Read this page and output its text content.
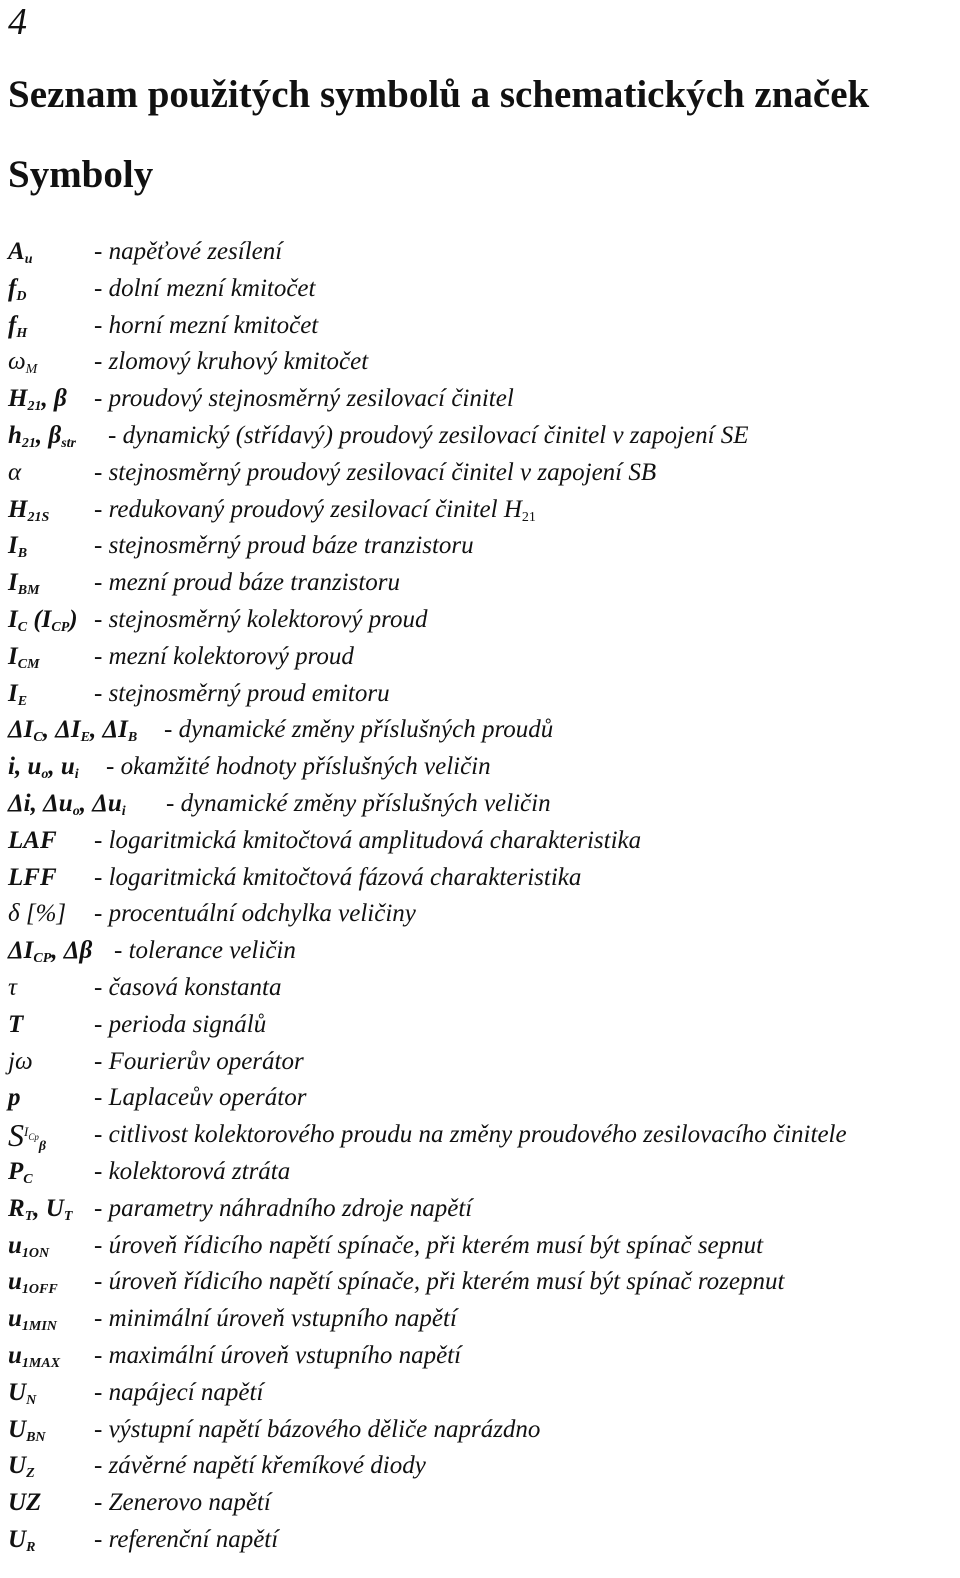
4
Seznam použitých symbolů a schematických značek
Symboly
$A_u$ - napěťové zesílení
$f_D$	- dolní mezní kmitočet
$f_H$	- horní mezní kmitočet
$\omega_M$ - zlomový kruhový kmitočet
$H_{21}$, β - proudový stejnosměrný zesilovací činitel
$h_{21}$, $\beta_{str}$ - dynamický (střídavý) proudový zesilovací činitel v zapojení SE
α	- stejnosměrný proudový zesilovací činitel v zapojení SB
$H_{21S}$ - redukovaný proudový zesilovací činitel $H_{21}$
$I_B$	- stejnosměrný proud báze tranzistoru
$I_{BM}$ - mezní proud báze tranzistoru
$I_C$ $(I_{CP})$ - stejnosměrný kolektorový proud
$I_{CM}$ - mezní kolektorový proud
$I_E$	- stejnosměrný proud emitoru
$\Delta I_C$, $\Delta I_E$, $\Delta I_B$ - dynamické změny příslušných proudů
i, $u_o$, $u_i$ - okamžité hodnoty příslušných veličin
Δi, $\Delta u_o$, $\Delta u_i$ - dynamické změny příslušných veličin
LAF - logaritmická kmitočtová amplitudová charakteristika
LFF - logaritmická kmitočtová fázová charakteristika
δ [%] - procentuální odchylka veličiny
$\Delta I_{CP}$, Δβ - tolerance veličin
τ	- časová konstanta
T	- perioda signálů
jω - Fourierův operátor
p	- Laplaceův operátor
$S^{I_{Cp}}_\beta$ - citlivost kolektorového proudu na změny proudového zesilovacího činitele
$P_C$ - kolektorová ztráta
$R_T$, $U_T$ - parametry náhradního zdroje napětí
$u_{1ON}$ - úroveň řídicího napětí spínače, při kterém musí být spínač sepnut
$u_{1OFF}$ - úroveň řídicího napětí spínače, při kterém musí být spínač rozepnut
$u_{1MIN}$ - minimální úroveň vstupního napětí
$u_{1MAX}$ - maximální úroveň vstupního napětí
$U_N$ - napájecí napětí
$U_{BN}$ - výstupní napětí bázového děliče naprázdno
$U_Z$ - závěrné napětí křemíkové diody
UZ - Zenerovo napětí
$U_R$ - referenční napětí
